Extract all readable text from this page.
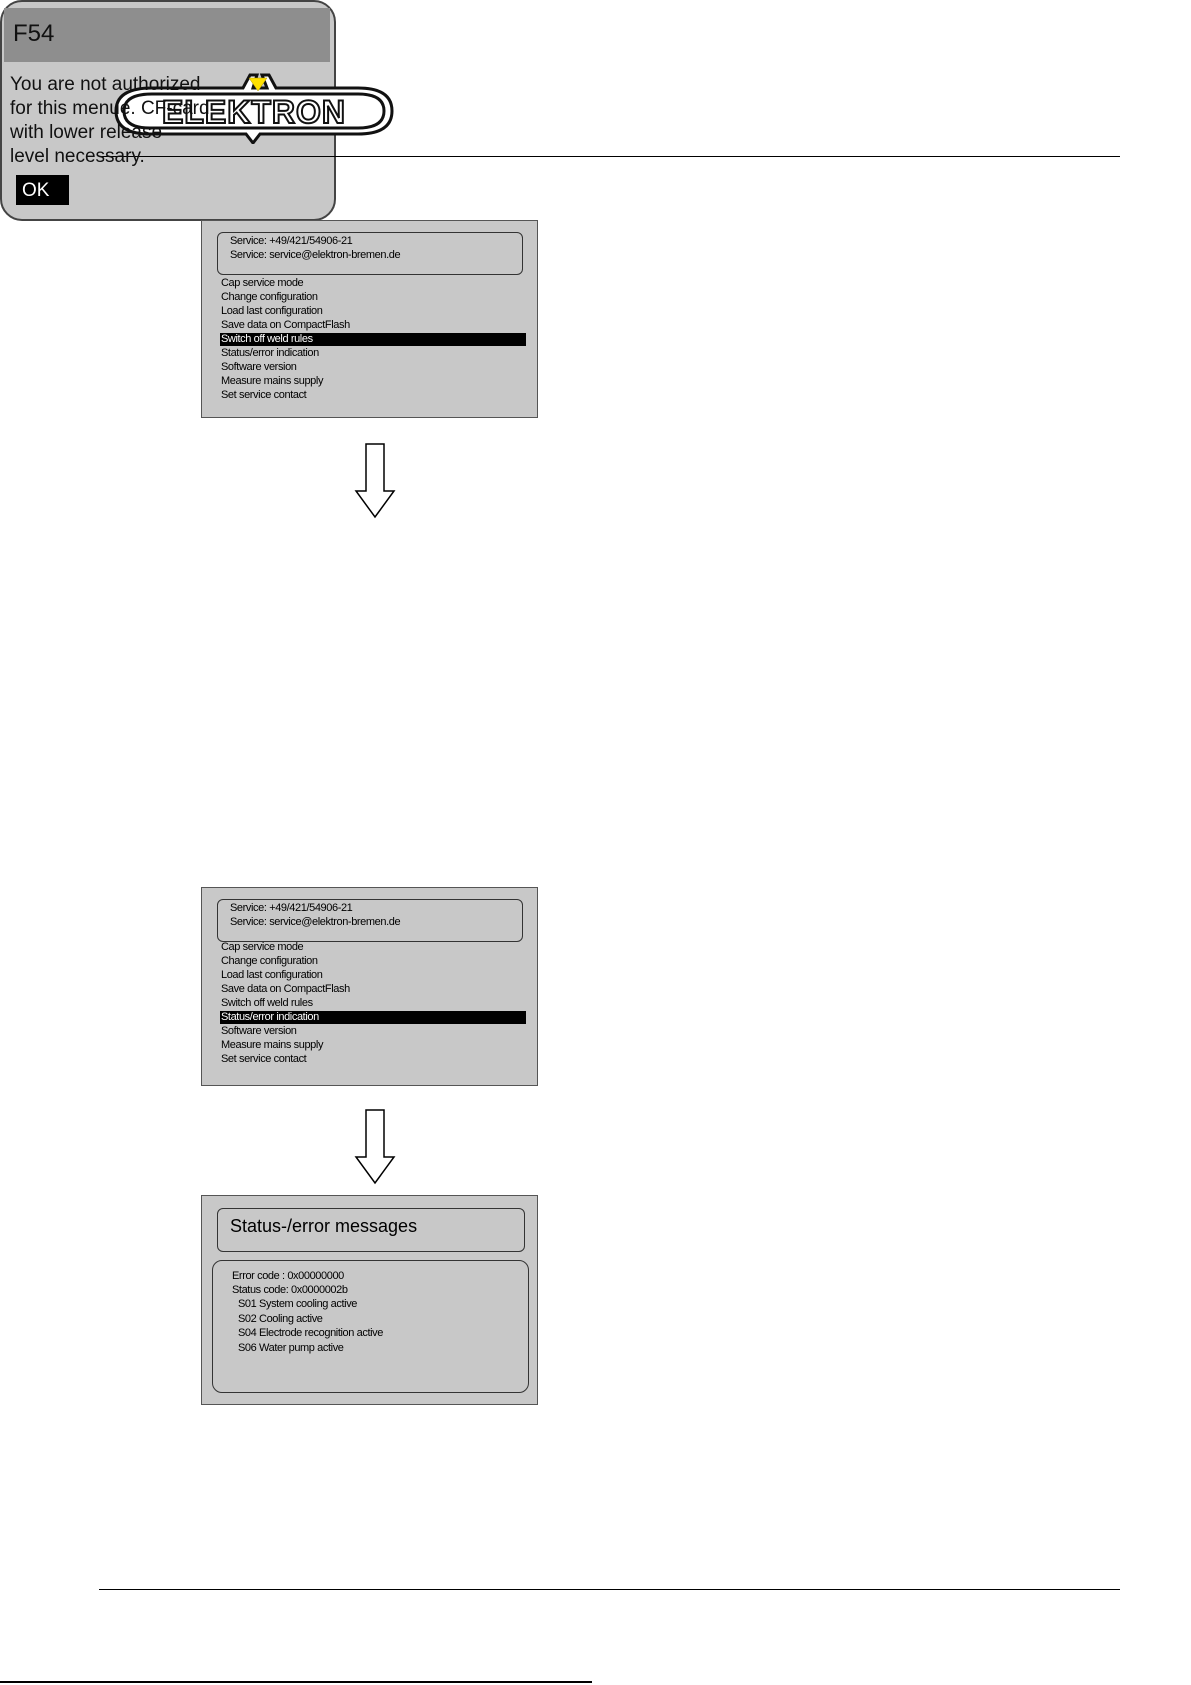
ELEKTRON
Service: +49/421/54906-21
Service: service@elektron-bremen.de
Cap service mode
Change configuration
Load last configuration
Save data on CompactFlash
Switch off weld rules
Status/error indication
Software version
Measure mains supply
Set service contact
F54
You are not authorized
for this menue. CF-card
with lower release
level necessary.
OK
Service: +49/421/54906-21
Service: service@elektron-bremen.de
Cap service mode
Change configuration
Load last configuration
Save data on CompactFlash
Switch off weld rules
Status/error indication
Software version
Measure mains supply
Set service contact
Status-/error messages
Error code : 0x00000000
Status code: 0x0000002b
S01 System cooling active
S02 Cooling active
S04 Electrode recognition active
S06 Water pump active
